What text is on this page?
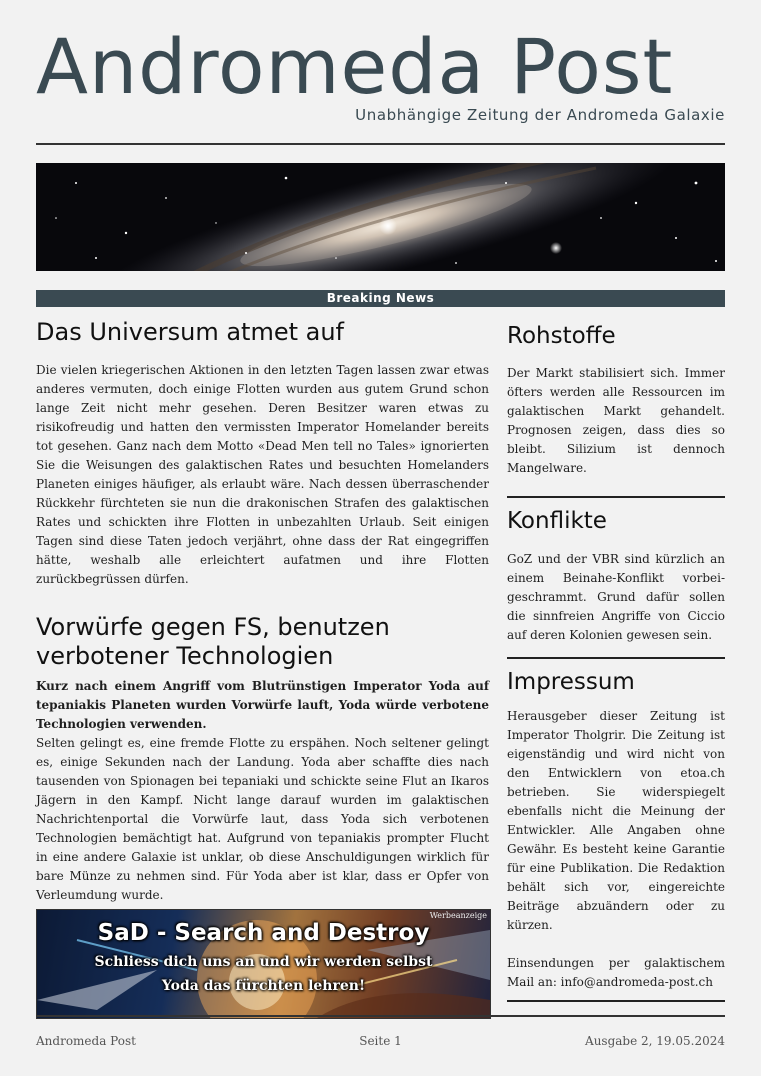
Andromeda Post
Unabhängige Zeitung der Andromeda Galaxie
Breaking News
Das Universum atmet auf

Die vielen kriegerischen Aktionen in den letzten Tagen lassen zwar etwas anderes vermuten, doch einige Flotten wurden aus gutem Grund schon lange Zeit nicht mehr gesehen. Deren Besitzer waren etwas zu risikofreudig und hatten den vermissten Imperator Homelander bereits tot gesehen. Ganz nach dem Motto «Dead Men tell no Tales» ignorierten Sie die Weisungen des galaktischen Rates und besuchten Homelanders Planeten einiges häufiger, als erlaubt wäre. Nach dessen überraschender Rückkehr fürchteten sie nun die drakonischen Strafen des galaktischen Rates und schickten ihre Flotten in unbezahlten Urlaub. Seit einigen Tagen sind diese Taten jedoch verjährt, ohne dass der Rat eingegriffen hätte, weshalb alle erleichtert aufatmen und ihre Flotten zurückbegrüssen dürfen.

Vorwürfe gegen FS, benutzen
verbotener Technologien

Kurz nach einem Angriff vom Blutrünstigen Imperator Yoda auf tepaniakis Planeten wurden Vorwürfe lauft, Yoda würde verbotene Technologien verwenden.

Selten gelingt es, eine fremde Flotte zu erspähen. Noch seltener gelingt es, einige Sekunden nach der Landung. Yoda aber schaffte dies nach tausenden von Spionagen bei tepaniaki und schickte seine Flut an Ikaros Jägern in den Kampf. Nicht lange darauf wurden im galaktischen Nachrichtenportal die Vorwürfe laut, dass Yoda sich verbotenen Technologien bemächtigt hat. Aufgrund von tepaniakis prompter Flucht in eine andere Galaxie ist unklar, ob diese Anschuldigungen wirklich für bare Münze zu nehmen sind. Für Yoda aber ist klar, dass er Opfer von Verleumdung wurde.

Werbeanzeige
SaD - Search and Destroy
Schliess dich uns an und wir werden selbst
Yoda das fürchten lehren!
Rohstoffe

Der Markt stabilisiert sich. Immer öfters werden alle Ressourcen im galaktischen Markt gehandelt. Prognosen zeigen, dass dies so bleibt. Silizium ist dennoch Mangelware.

Konflikte

GoZ und der VBR sind kürzlich an einem Beinahe-Konflikt vorbei-geschrammt. Grund dafür sollen die sinnfreien Angriffe von Ciccio auf deren Kolonien gewesen sein.

Impressum

Herausgeber dieser Zeitung ist Imperator Tholgrir. Die Zeitung ist eigenständig und wird nicht von den Entwicklern von etoa.ch betrieben. Sie widerspiegelt ebenfalls nicht die Meinung der Entwickler. Alle Angaben ohne Gewähr. Es besteht keine Garantie für eine Publikation. Die Redaktion behält sich vor, eingereichte Beiträge abzuändern oder zu kürzen.

Einsendungen per galaktischem Mail an: info@andromeda-post.ch

Andromeda Post	Seite 1	Ausgabe 2, 19.05.2024
